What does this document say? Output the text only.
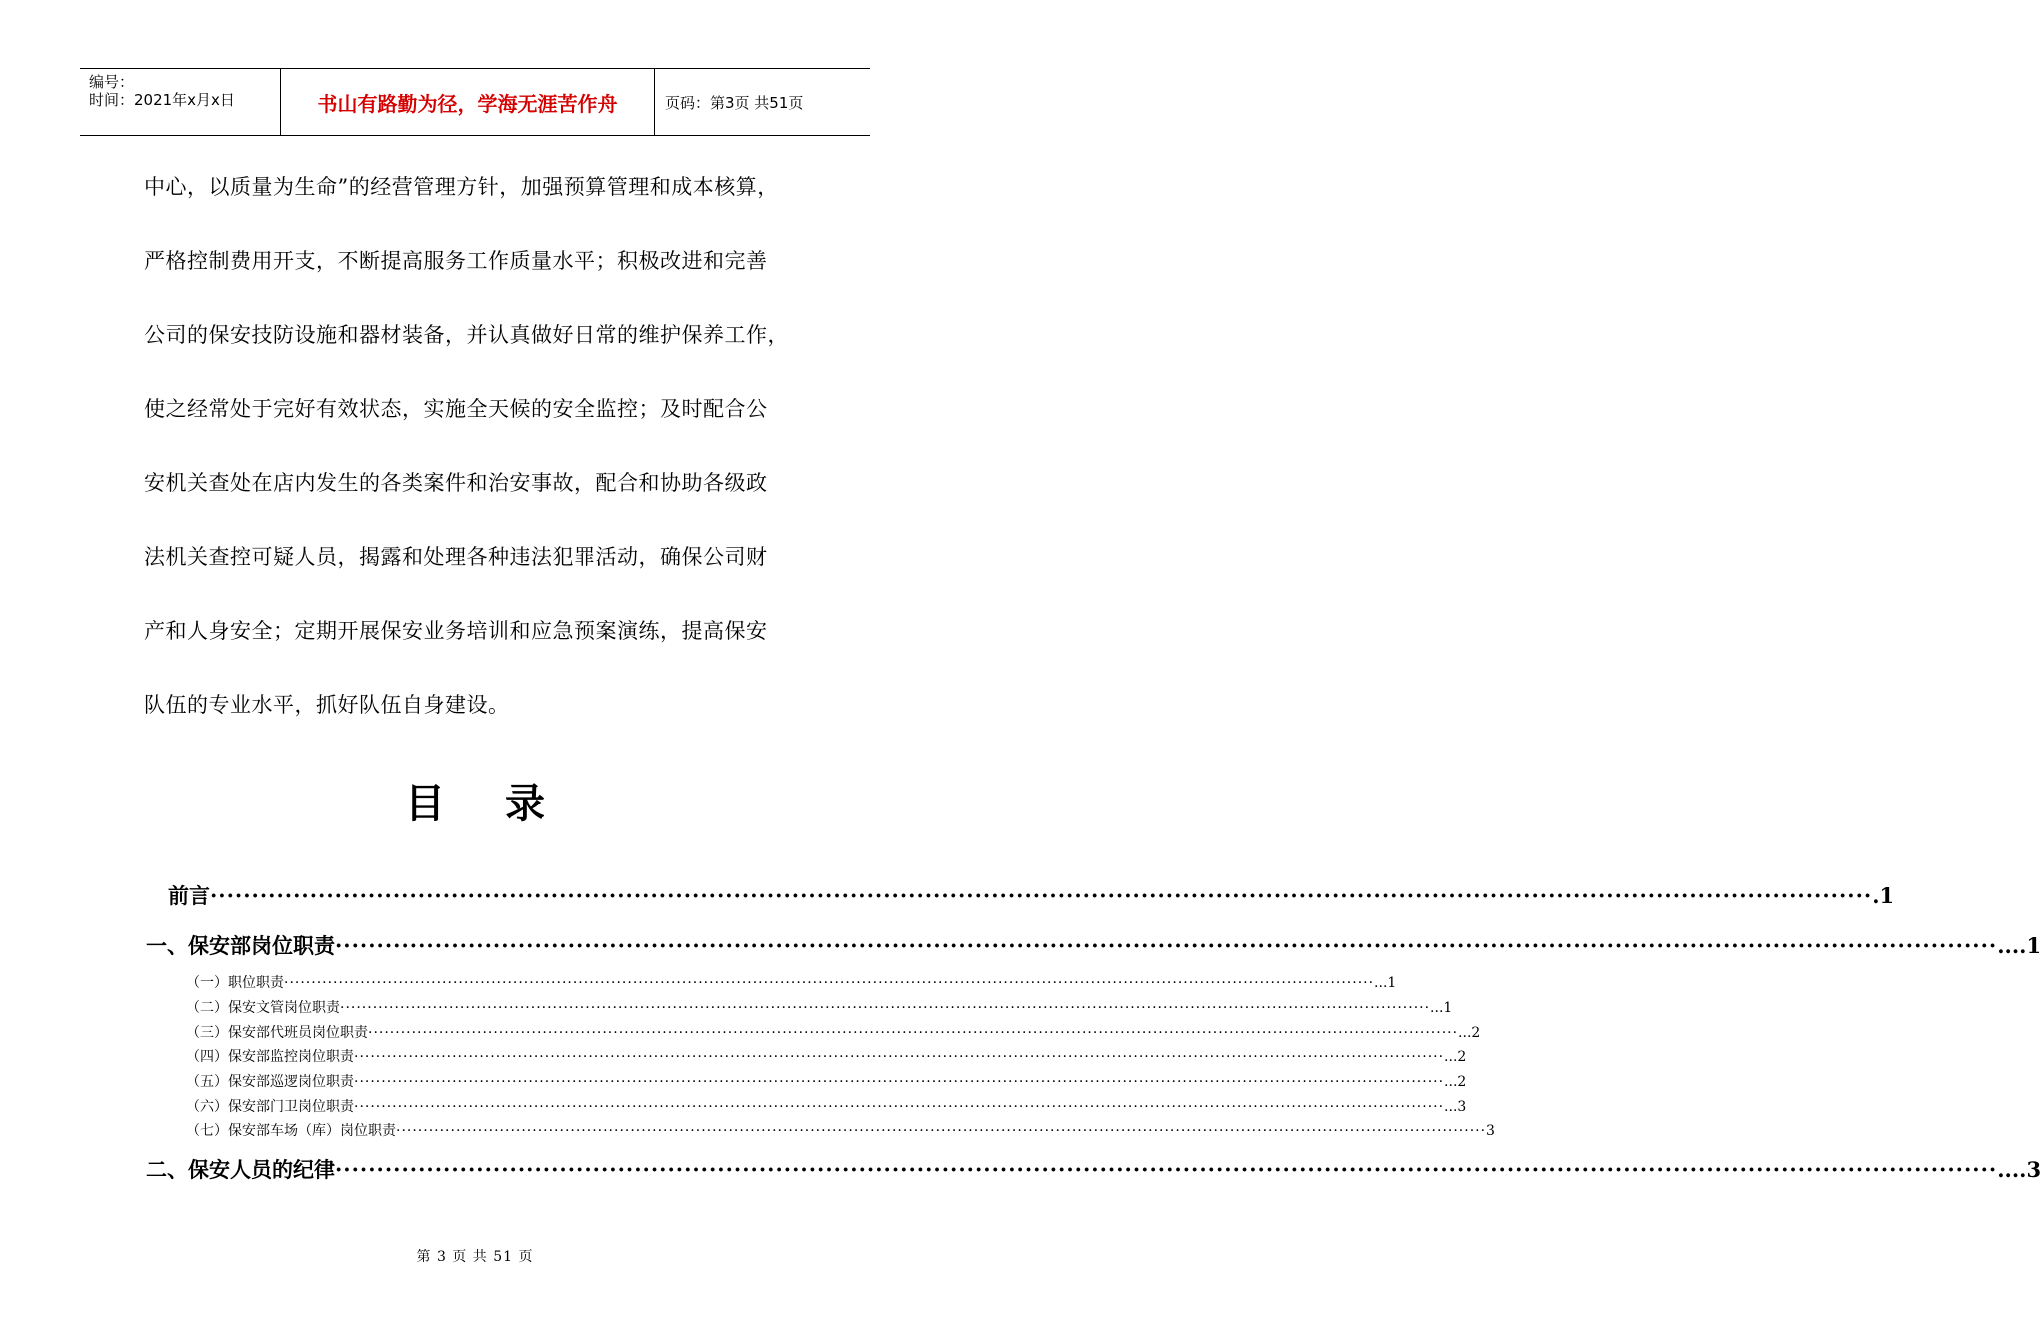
编号：
时间：2021年x月x日	书山有路勤为径，学海无涯苦作舟	页码：第3页 共51页
中心，以质量为生命”的经营管理方针，加强预算管理和成本核算，
严格控制费用开支，不断提高服务工作质量水平；积极改进和完善
公司的保安技防设施和器材装备，并认真做好日常的维护保养工作，
使之经常处于完好有效状态，实施全天候的安全监控；及时配合公
安机关查处在店内发生的各类案件和治安事故，配合和协助各级政
法机关查控可疑人员，揭露和处理各种违法犯罪活动，确保公司财
产和人身安全；定期开展保安业务培训和应急预案演练，提高保安
队伍的专业水平，抓好队伍自身建设。
目 录
前言 ········································································································································································································ .1
一、 保安部岗位职责 ········································································································································································································ ....1
（一） 职位职责 ········································································································································································································ ...1
（二） 保安文管岗位职责 ········································································································································································································ ...1
（三） 保安部代班员岗位职责 ········································································································································································································ ...2
（四） 保安部监控岗位职责 ········································································································································································································ ...2
（五） 保安部巡逻岗位职责 ········································································································································································································ ...2
（六） 保安部门卫岗位职责 ········································································································································································································ ...3
（七） 保安部车场（库）岗位职责 ········································································································································································································ 3
二、 保安人员的纪律 ········································································································································································································ ....3
第 3 页 共 51 页
